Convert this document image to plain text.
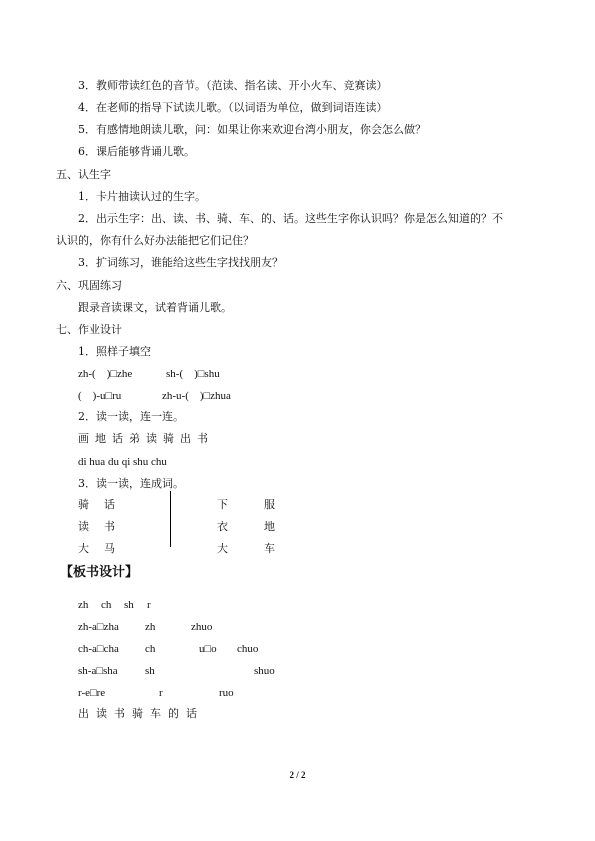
3．教师带读红色的音节。（范读、指名读、开小火车、竞赛读）
4．在老师的指导下试读儿歌。（以词语为单位，做到词语连读）
5．有感情地朗读儿歌，问：如果让你来欢迎台湾小朋友，你会怎么做？
6．课后能够背诵儿歌。
五、认生字
1．卡片抽读认过的生字。
2．出示生字：出、读、书、骑、车、的、话。这些生字你认识吗？你是怎么知道的？不
认识的，你有什么好办法能把它们记住？
3．扩词练习，谁能给这些生字找找朋友？
六、巩固练习
跟录音读课文，试着背诵儿歌。
七、作业设计
1．照样子填空
zh-(　)□zhe	sh-(　)□shu
(　)-u□ru	zh-u-(　)□zhua
2．读一读，连一连。
画 地 话 弟 读 骑 出 书
di hua du qi shu chu
3．读一读，连成词。
骑 话
读 书
大 马
下	服
衣	地
大	车
【板书设计】
zh ch sh r
zh-a□zha zh	zhuo
ch-a□cha ch	u□o chuo
sh-a□sha sh	shuo
r-e□re	r	ruo
出 读 书 骑 车 的 话
2 / 2
